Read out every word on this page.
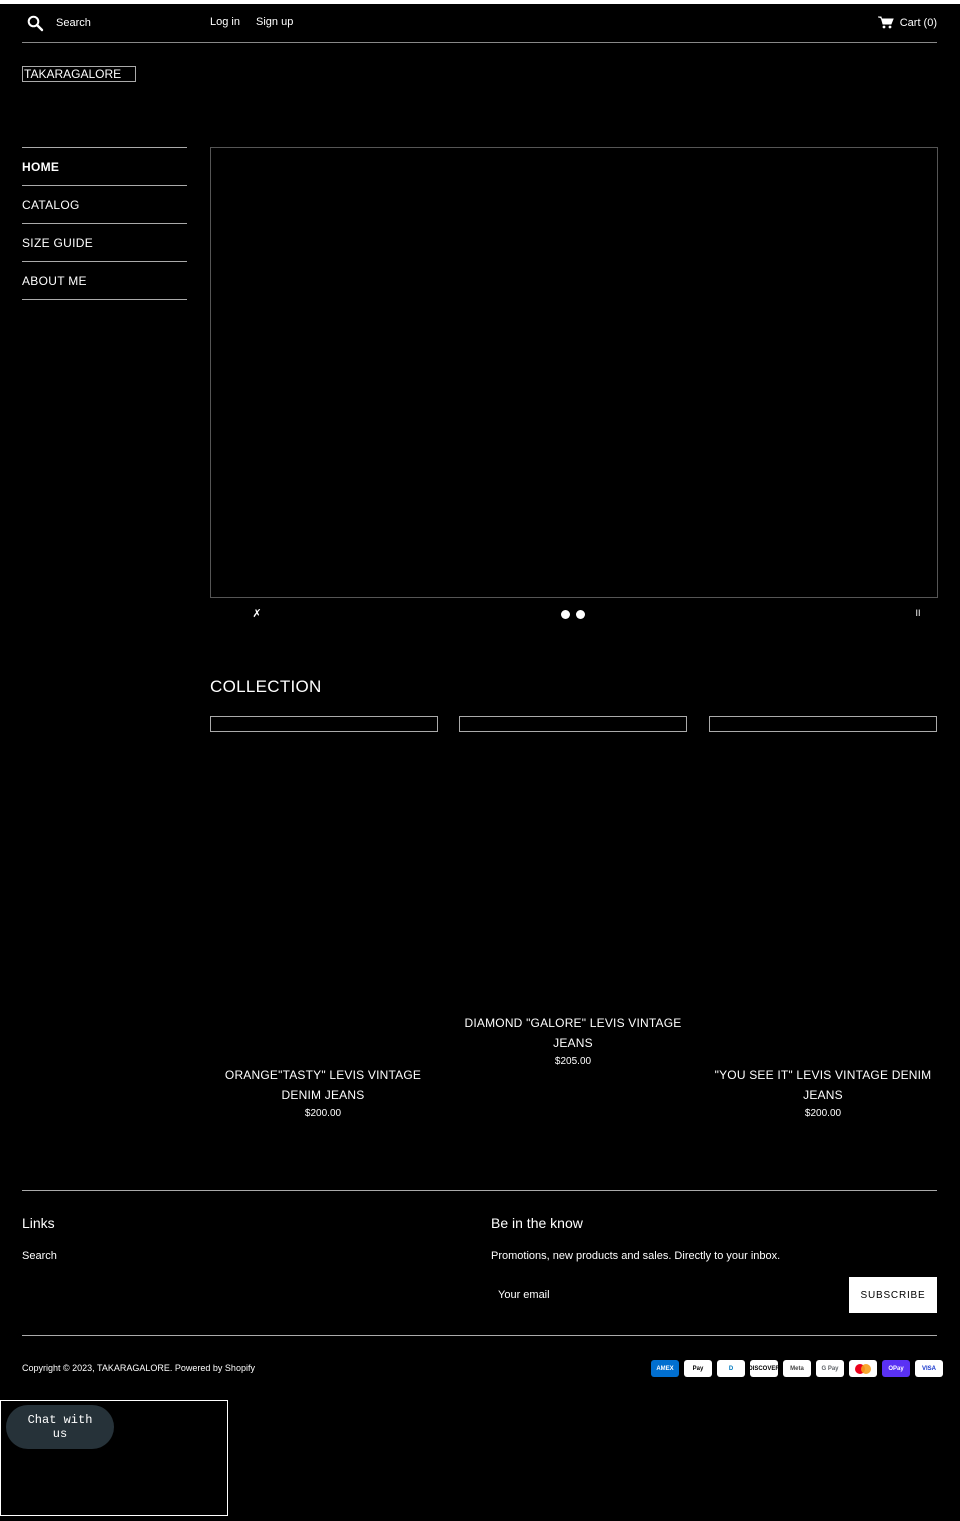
Search
Log in Sign up	Cart (0)
TAKARAGALORE
HOME
CATALOG
SIZE GUIDE
ABOUT ME
✗	II
COLLECTION
ORANGE"TASTY" LEVIS VINTAGE
DENIM JEANS
$200.00
DIAMOND "GALORE" LEVIS VINTAGE
JEANS
$205.00
"YOU SEE IT" LEVIS VINTAGE DENIM
JEANS
$200.00
Links
Search
Be in the know
Promotions, new products and sales. Directly to your inbox.
Your email
SUBSCRIBE
Copyright © 2023, TAKARAGALORE. Powered by Shopify	AMEX	Pay	D	DISCOVER	Meta	G Pay	OPay	VISA
Chat with us
